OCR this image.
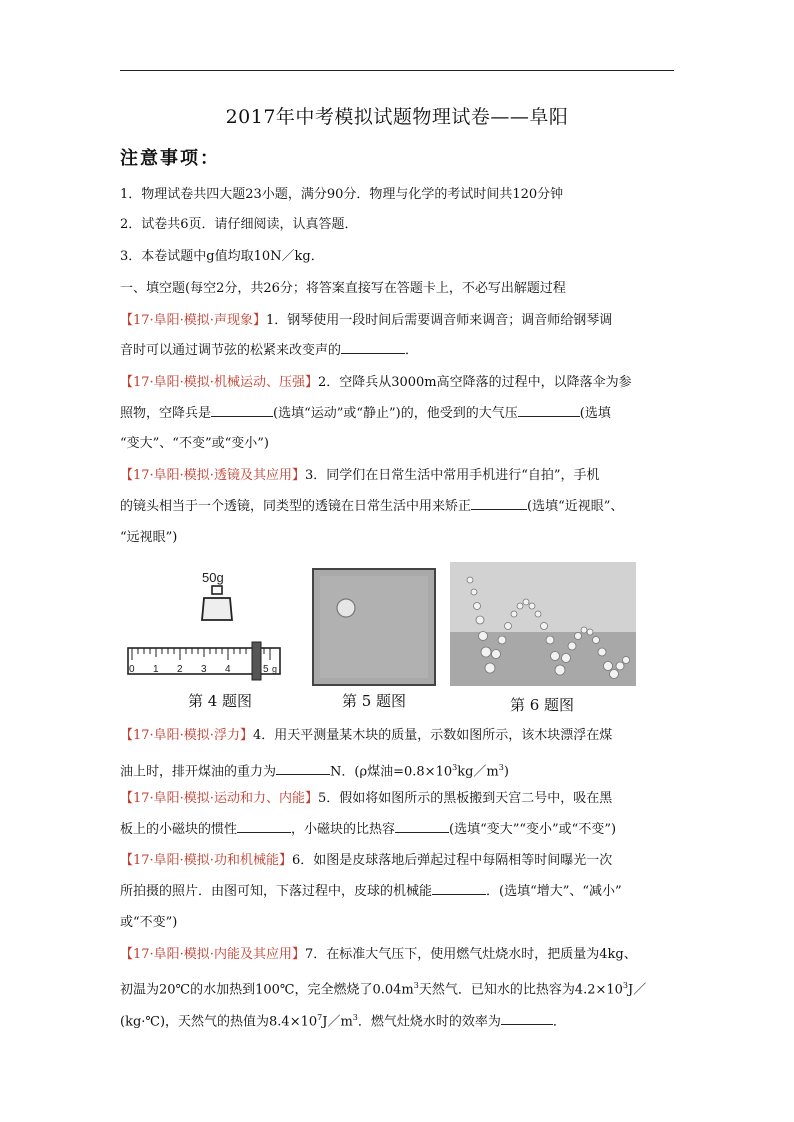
2017年中考模拟试题物理试卷——阜阳
注意事项：
1．物理试卷共四大题23小题，满分90分．物理与化学的考试时间共120分钟
2．试卷共6页．请仔细阅读，认真答题．
3．本卷试题中g值均取10N／kg．
一、填空题(每空2分，共26分；将答案直接写在答题卡上，不必写出解题过程
【17·阜阳·模拟·声现象】1．钢琴使用一段时间后需要调音师来调音；调音师给钢琴调
音时可以通过调节弦的松紧来改变声的	．
【17·阜阳·模拟·机械运动、压强】2．空降兵从3000m高空降落的过程中，以降落伞为参
照物，空降兵是	(选填“运动”或“静止”)的，他受到的大气压	(选填
“变大”、“不变”或“变小”)
【17·阜阳·模拟·透镜及其应用】3．同学们在日常生活中常用手机进行“自拍”，手机
的镜头相当于一个透镜，同类型的透镜在日常生活中用来矫正	(选填“近视眼”、
“远视眼”)
50g
0 1 2 3 4	5 g
第 4 题图	第 5 题图	第 6 题图
【17·阜阳·模拟·浮力】4．用天平测量某木块的质量，示数如图所示，该木块漂浮在煤
油上时，排开煤油的重力为	N．(ρ煤油$=0.8\times 10^3kg/m^3$)
【17·阜阳·模拟·运动和力、内能】5．假如将如图所示的黑板搬到天宫二号中，吸在黑
板上的小磁块的惯性	，小磁块的比热容	(选填“变大”“变小”或“不变”)
【17·阜阳·模拟·功和机械能】6．如图是皮球落地后弹起过程中每隔相等时间曝光一次
所拍摄的照片．由图可知，下落过程中，皮球的机械能	．(选填“增大”、“减小”
或“不变”)
【17·阜阳·模拟·内能及其应用】7．在标准大气压下，使用燃气灶烧水时，把质量为4kg、
初温为20℃的水加热到100℃，完全燃烧了$0.04m^3$天然气．已知水的比热容为$4.2\times 10^3J/$
(kg·℃)，天然气的热值为$8.4\times 10^7J/m^3$．燃气灶烧水时的效率为	．
